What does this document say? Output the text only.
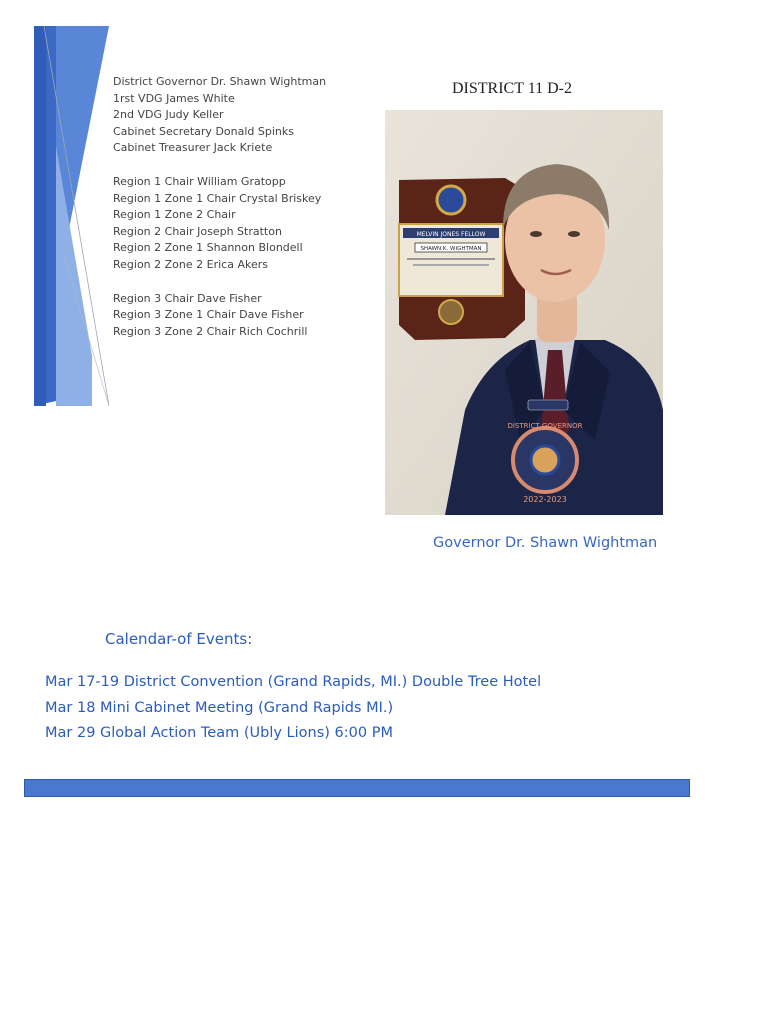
District Governor Dr. Shawn Wightman
1rst VDG James White
2nd VDG Judy Keller
Cabinet Secretary Donald Spinks
Cabinet Treasurer Jack Kriete
Region 1 Chair William Gratopp
Region 1 Zone 1 Chair Crystal Briskey
Region 1 Zone 2 Chair
Region 2 Chair Joseph Stratton
Region 2 Zone 1 Shannon Blondell
Region 2 Zone 2 Erica Akers
Region 3 Chair Dave Fisher
Region 3 Zone 1 Chair Dave Fisher
Region 3 Zone 2 Chair Rich Cochrill
DISTRICT 11 D-2
MELVIN JONES FELLOW
SHAWN K. WIGHTMAN
DISTRICT GOVERNOR
2022-2023
Governor Dr. Shawn Wightman
Calendar-of Events:
Mar 17-19 District Convention (Grand Rapids, MI.) Double Tree Hotel
Mar 18 Mini Cabinet Meeting (Grand Rapids MI.)
Mar 29 Global Action Team (Ubly Lions) 6:00 PM
